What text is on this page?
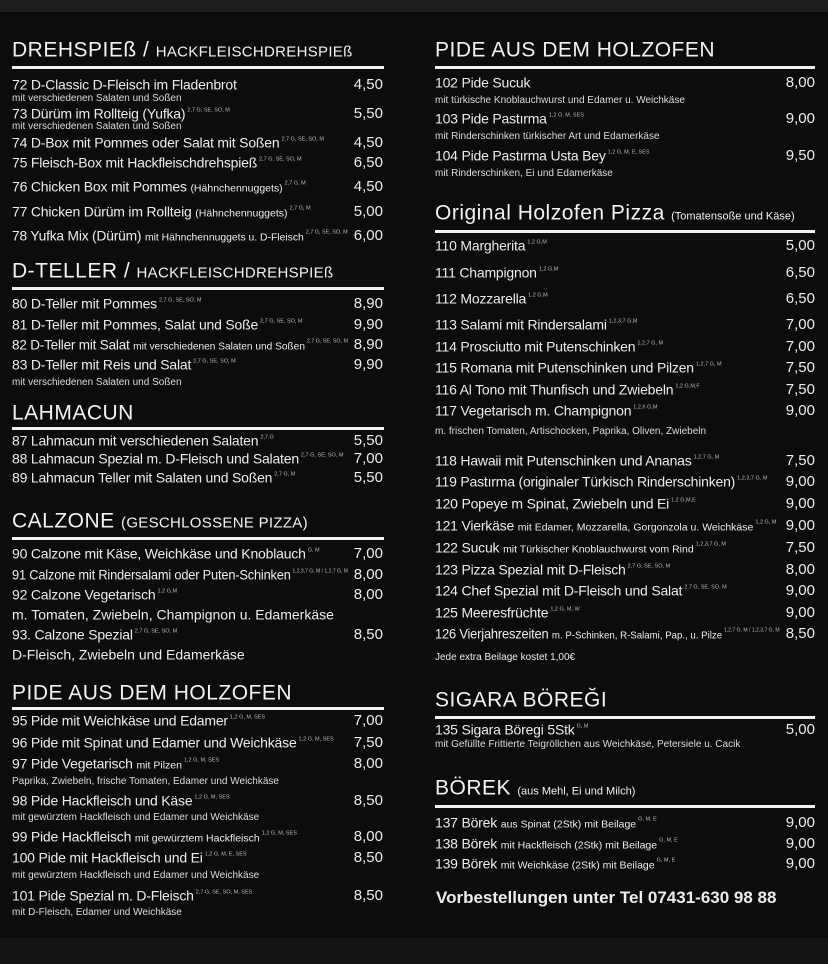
DREHSPIEß / HACKFLEISCHDREHSPIEß
72 D-Classic D-Fleisch im Fladenbrot	4,50
mit verschiedenen Salaten und Soßen
73 Dürüm im Rollteig (Yufka) $^{2,7 G, SE, SO, M}$	5,50
mit verschiedenen Salaten und Soßen
74 D-Box mit Pommes oder Salat mit Soßen $^{2,7 G, SE, SO, M}$ 4,50
75 Fleisch-Box mit Hackfleischdrehspieß $^{2,7 G, SE, SO, M}$	6,50
76 Chicken Box mit Pommes (Hähnchennuggets) $^{2,7 G, M}$	4,50
77 Chicken Dürüm im Rollteig (Hähnchennuggets) $^{2,7 G, M}$	5,00
78 Yufka Mix (Dürüm) mit Hähnchennuggets u. D-Fleisch $^{2,7 G, SE, SO, M}$ 6,00
D-TELLER / HACKFLEISCHDREHSPIEß
80 D-Teller mit Pommes $^{2,7 G, SE, SO, M}$	8,90
81 D-Teller mit Pommes, Salat und Soße $^{2,7 G, SE, SO, M}$	9,90
82 D-Teller mit Salat mit verschiedenen Salaten und Soßen $^{2,7 G, SE, SO, M}$ 8,90
83 D-Teller mit Reis und Salat $^{2,7 G, SE, SO, M}$	9,90
mit verschiedenen Salaten und Soßen
LAHMACUN
87 Lahmacun mit verschiedenen Salaten $^{2,7 G}$	5,50
88 Lahmacun Spezial m. D-Fleisch und Salaten $^{2,7 G, SE, SO, M}$ 7,00
89 Lahmacun Teller mit Salaten und Soßen $^{2,7 G, M}$	5,50
CALZONE (GESCHLOSSENE PIZZA)
90 Calzone mit Käse, Weichkäse und Knoblauch $^{G, M}$ 7,00
91 Calzone mit Rindersalami oder Puten-Schinken $^{1,2,3,7 G, M / 1,2,7 G, M}$ 8,00
92 Calzone Vegetarisch $^{1,2 G,M}$	8,00
m. Tomaten, Zwiebeln, Champignon u. Edamerkäse
93. Calzone Spezial $^{2,7 G, SE, SO, M}$	8,50
D-Fleisch, Zwiebeln und Edamerkäse
PIDE AUS DEM HOLZOFEN
95 Pide mit Weichkäse und Edamer $^{1,2 G, M, SES}$	7,00
96 Pide mit Spinat und Edamer und Weichkäse $^{1,2 G, M, SES}$ 7,50
97 Pide Vegetarisch mit Pilzen $^{1,2 G, M, SES}$	8,00
Paprika, Zwiebeln, frische Tomaten, Edamer und Weichkäse
98 Pide Hackfleisch und Käse $^{1,2 G, M, SES}$	8,50
mit gewürztem Hackfleisch und Edamer und Weichkäse
99 Pide Hackfleisch mit gewürztem Hackfleisch $^{1,2 G, M, SES}$	8,00
100 Pide mit Hackfleisch und Ei $^{1,2 G, M, E, SES}$	8,50
mit gewürztem Hackfleisch und Edamer und Weichkäse
101 Pide Spezial m. D-Fleisch $^{2,7 G, SE, SO, M, SES}$	8,50
mit D-Fleisch, Edamer und Weichkäse
PIDE AUS DEM HOLZOFEN
102 Pide Sucuk	8,00
mit türkische Knoblauchwurst und Edamer u. Weichkäse
103 Pide Pastırma $^{1,2 G, M, SES}$	9,00
mit Rinderschinken türkischer Art und Edamerkäse
104 Pide Pastırma Usta Bey $^{1,2 G, M, E, SES}$	9,50
mit Rinderschinken, Ei und Edamerkäse
Original Holzofen Pizza (Tomatensoße und Käse)
110 Margherita $^{1,2 G,M}$	5,00
111 Champignon $^{1,2 G,M}$	6,50
112 Mozzarella $^{1,2 G,M}$	6,50
113 Salami mit Rindersalami $^{1,2,3,7 G,M}$	7,00
114 Prosciutto mit Putenschinken $^{1,2,7 G, M}$	7,00
115 Romana mit Putenschinken und Pilzen $^{1,2,7 G, M}$	7,50
116 Al Tono mit Thunfisch und Zwiebeln $^{1,2 G,M,F}$	7,50
117 Vegetarisch m. Champignon $^{1,2,6 G,M}$	9,00
m. frischen Tomaten, Artischocken, Paprika, Oliven, Zwiebeln
118 Hawaii mit Putenschinken und Ananas $^{1,2,7 G, M}$	7,50
119 Pastırma (originaler Türkisch Rinderschinken) $^{1,2,3,7 G, M}$ 9,00
120 Popeye m Spinat, Zwiebeln und Ei $^{1,2 G,M,E}$	9,00
121 Vierkäse mit Edamer, Mozzarella, Gorgonzola u. Weichkäse $^{1,2 G, M}$ 9,00
122 Sucuk mit Türkischer Knoblauchwurst vom Rind $^{1,2,3,7 G, M}$	7,50
123 Pizza Spezial mit D-Fleisch $^{2,7 G, SE, SO, M}$	8,00
124 Chef Spezial mit D-Fleisch und Salat $^{2,7 G, SE, SO, M}$	9,00
125 Meeresfrüchte $^{1,2 G, M, W}$	9,00
126 Vierjahreszeiten m. P-Schinken, R-Salami, Pap., u. Pilze $^{1,2,7 G, M / 1,2,3,7 G, M}$ 8,50
Jede extra Beilage kostet 1,00€
SIGARA BÖREĞI
135 Sigara Böregi 5Stk $^{G, M}$	5,00
mit Gefüllte Frittierte Teigröllchen aus Weichkäse, Petersiele u. Cacik
BÖREK (aus Mehl, Ei und Milch)
137 Börek aus Spinat (2Stk) mit Beilage $^{G, M, E}$	9,00
138 Börek mit Hackfleisch (2Stk) mit Beilage $^{G, M, E}$	9,00
139 Börek mit Weichkäse (2Stk) mit Beilage $^{G, M, E}$	9,00
Vorbestellungen unter Tel 07431-630 98 88
